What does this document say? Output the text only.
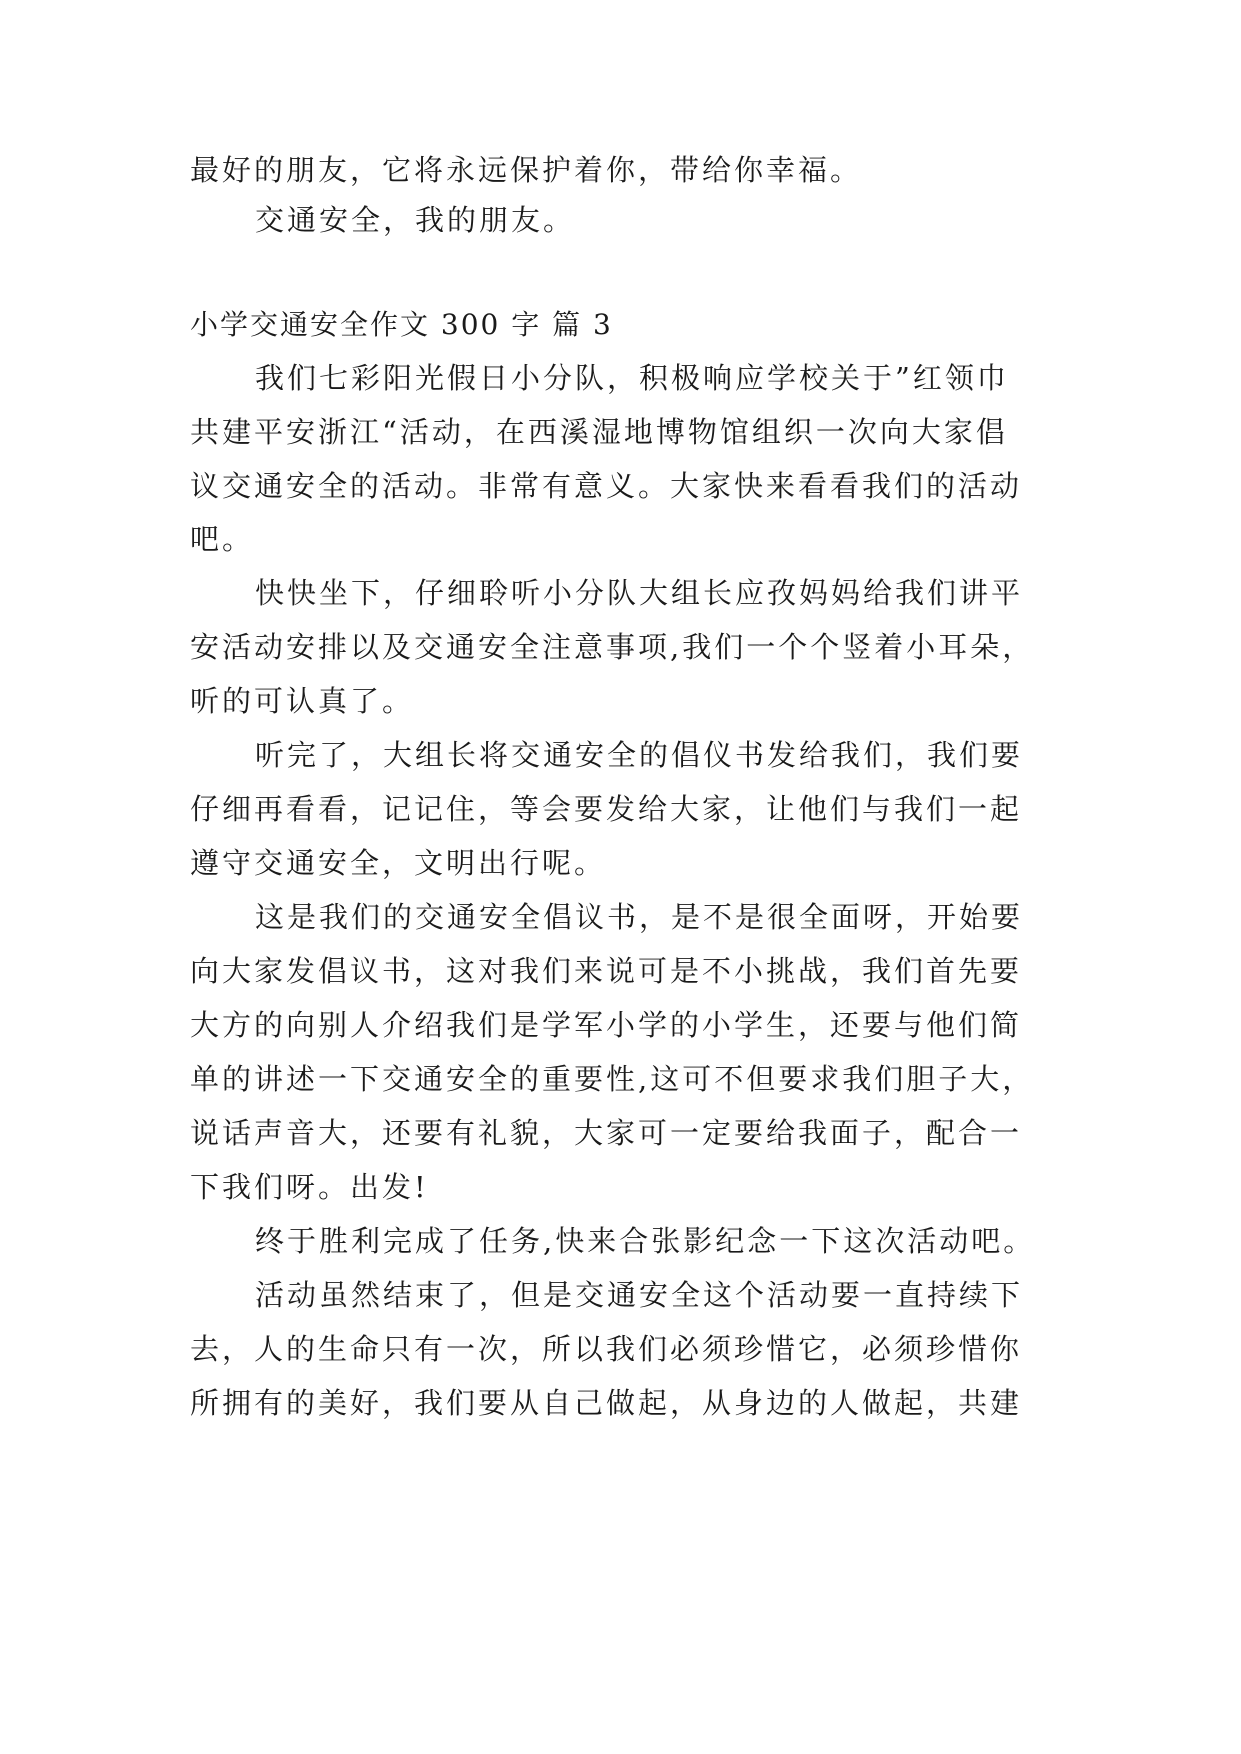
最好的朋友，它将永远保护着你，带给你幸福。
交通安全，我的朋友。
小学交通安全作文 300 字 篇 3
我们七彩阳光假日小分队，积极响应学校关于”红领巾
共建平安浙江“活动，在西溪湿地博物馆组织一次向大家倡
议交通安全的活动。非常有意义。大家快来看看我们的活动
吧。
快快坐下，仔细聆听小分队大组长应孜妈妈给我们讲平
安活动安排以及交通安全注意事项,我们一个个竖着小耳朵，
听的可认真了。
听完了，大组长将交通安全的倡仪书发给我们，我们要
仔细再看看，记记住，等会要发给大家，让他们与我们一起
遵守交通安全，文明出行呢。
这是我们的交通安全倡议书，是不是很全面呀，开始要
向大家发倡议书，这对我们来说可是不小挑战，我们首先要
大方的向别人介绍我们是学军小学的小学生，还要与他们简
单的讲述一下交通安全的重要性,这可不但要求我们胆子大，
说话声音大，还要有礼貌，大家可一定要给我面子，配合一
下我们呀。出发!
终于胜利完成了任务,快来合张影纪念一下这次活动吧。
活动虽然结束了，但是交通安全这个活动要一直持续下
去，人的生命只有一次，所以我们必须珍惜它，必须珍惜你
所拥有的美好，我们要从自己做起，从身边的人做起，共建
